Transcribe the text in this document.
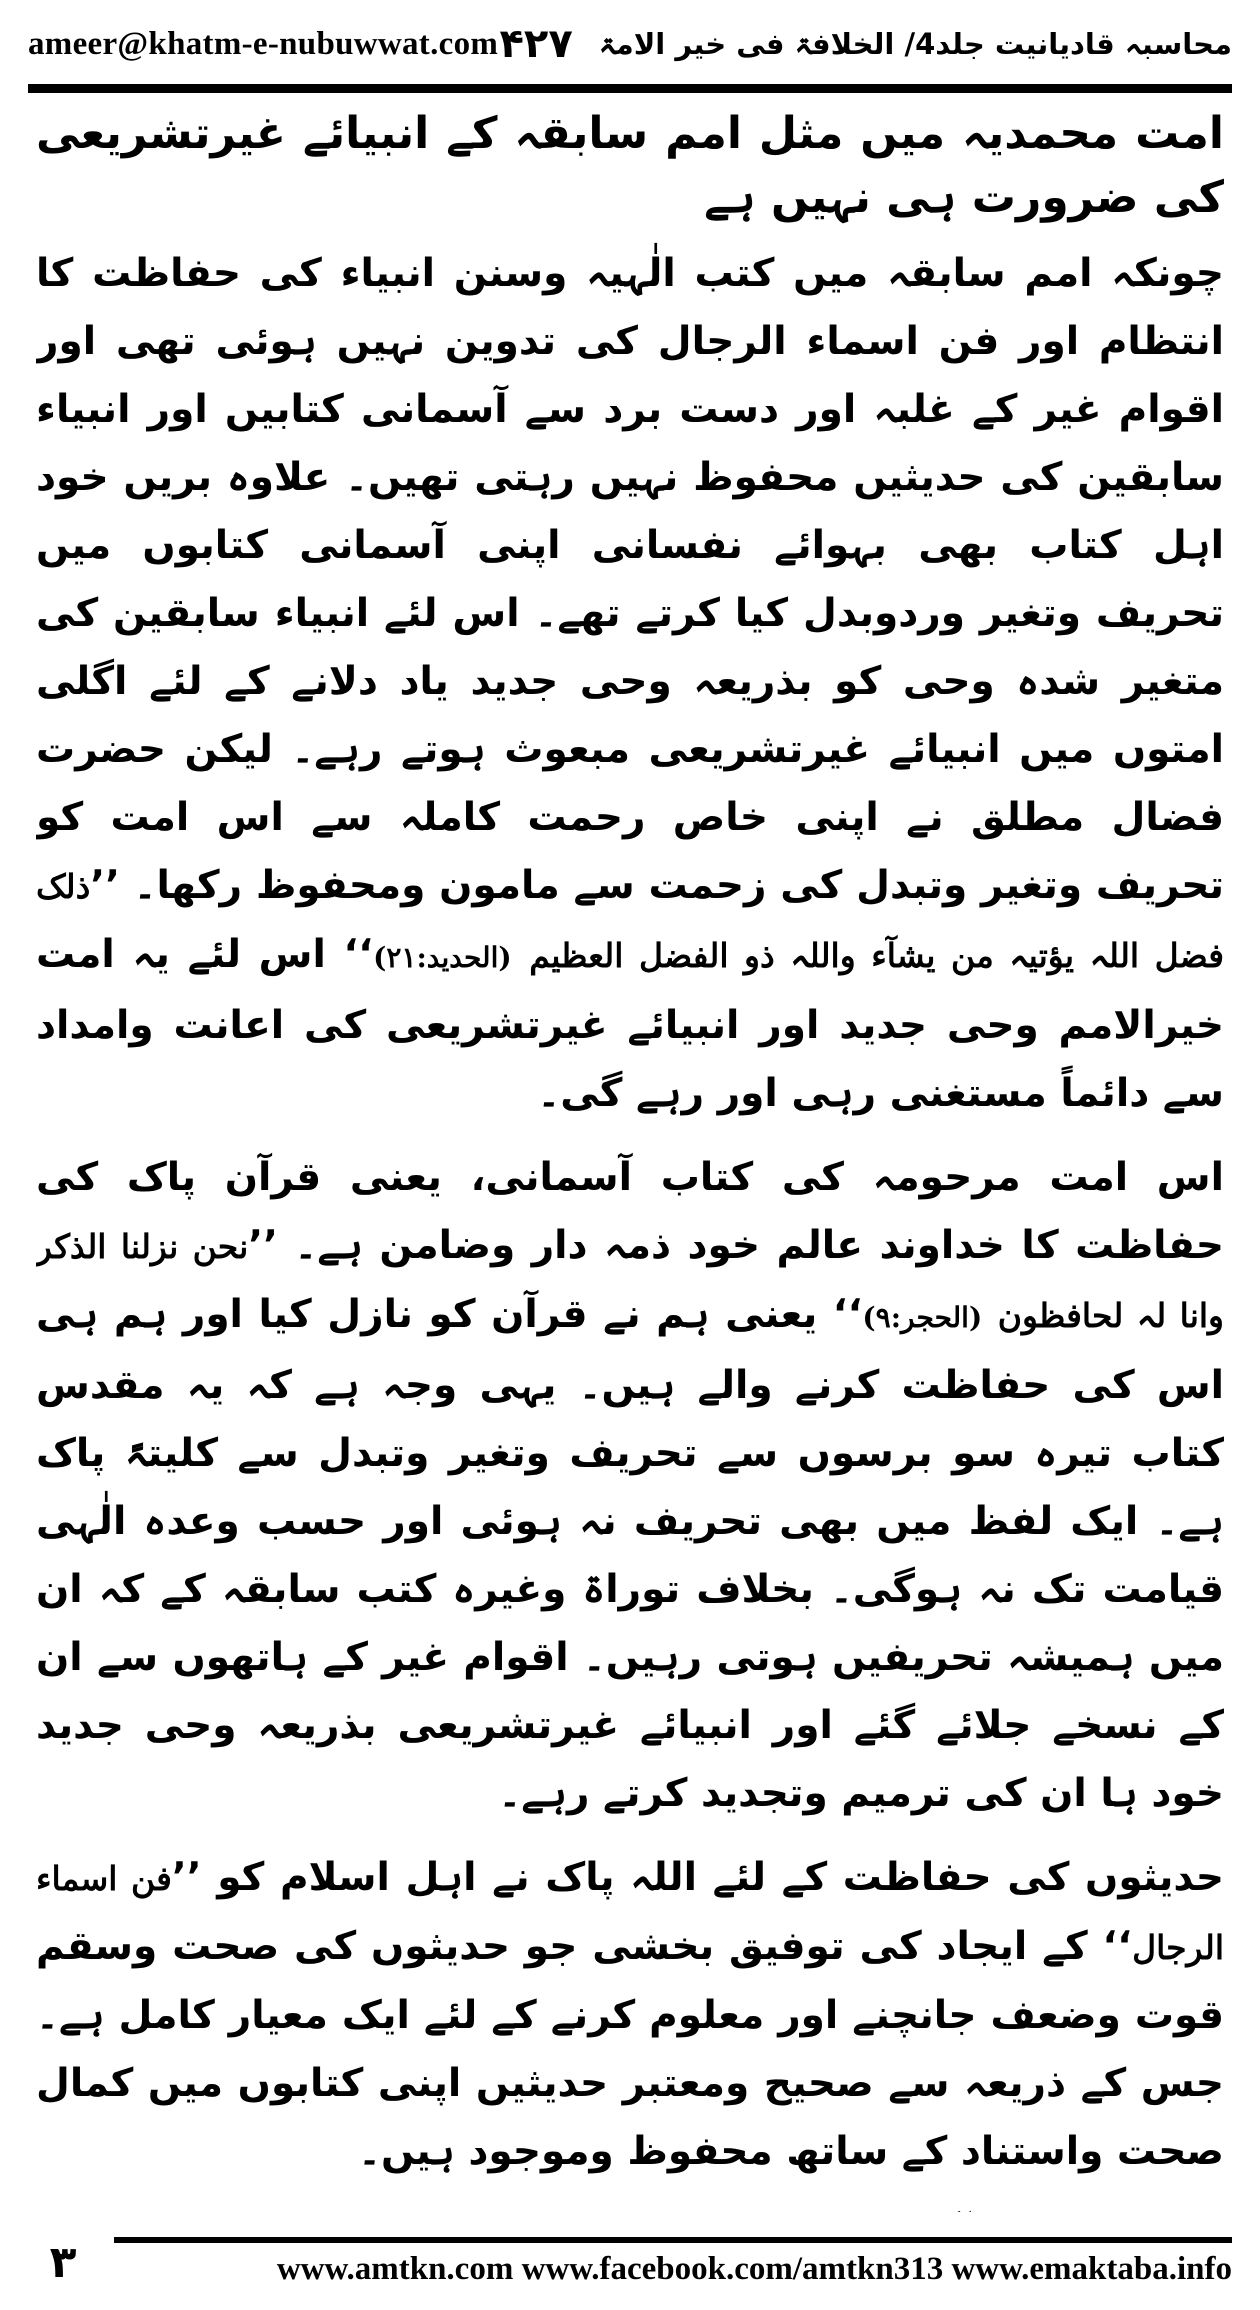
ameer@khatm-e-nubuwwat.com	محاسبہ قادیانیت جلد4/ الخلافۃ فی خیر الامۃ
۴۲۷
امت محمدیہ میں مثل امم سابقہ کے انبیائے غیرتشریعی کی ضرورت ہی نہیں ہے

چونکہ امم سابقہ میں کتب الٰہیہ وسنن انبیاء کی حفاظت کا انتظام اور فن اسماء الرجال کی تدوین نہیں ہوئی تھی اور اقوام غیر کے غلبہ اور دست برد سے آسمانی کتابیں اور انبیاء سابقین کی حدیثیں محفوظ نہیں رہتی تھیں۔ علاوہ بریں خود اہل کتاب بھی بہوائے نفسانی اپنی آسمانی کتابوں میں تحریف وتغیر وردوبدل کیا کرتے تھے۔ اس لئے انبیاء سابقین کی متغیر شدہ وحی کو بذریعہ وحی جدید یاد دلانے کے لئے اگلی امتوں میں انبیائے غیرتشریعی مبعوث ہوتے رہے۔ لیکن حضرت فضال مطلق نے اپنی خاص رحمت کاملہ سے اس امت کو تحریف وتغیر وتبدل کی زحمت سے مامون ومحفوظ رکھا۔ ’’ذلک فضل اللہ یؤتیہ من یشآء واللہ ذو الفضل العظیم (الحدید:۲۱)‘‘ اس لئے یہ امت خیرالامم وحی جدید اور انبیائے غیرتشریعی کی اعانت وامداد سے دائماً مستغنی رہی اور رہے گی۔

اس امت مرحومہ کی کتاب آسمانی، یعنی قرآن پاک کی حفاظت کا خداوند عالم خود ذمہ دار وضامن ہے۔ ’’نحن نزلنا الذکر وانا لہ لحافظون (الحجر:۹)‘‘ یعنی ہم نے قرآن کو نازل کیا اور ہم ہی اس کی حفاظت کرنے والے ہیں۔ یہی وجہ ہے کہ یہ مقدس کتاب تیرہ سو برسوں سے تحریف وتغیر وتبدل سے کلیتہً پاک ہے۔ ایک لفظ میں بھی تحریف نہ ہوئی اور حسب وعدہ الٰہی قیامت تک نہ ہوگی۔ بخلاف توراۃ وغیرہ کتب سابقہ کے کہ ان میں ہمیشہ تحریفیں ہوتی رہیں۔ اقوام غیر کے ہاتھوں سے ان کے نسخے جلائے گئے اور انبیائے غیرتشریعی بذریعہ وحی جدید خود ہا ان کی ترمیم وتجدید کرتے رہے۔

حدیثوں کی حفاظت کے لئے اللہ پاک نے اہل اسلام کو ’’فن اسماء الرجال‘‘ کے ایجاد کی توفیق بخشی جو حدیثوں کی صحت وسقم قوت وضعف جانچنے اور معلوم کرنے کے لئے ایک معیار کامل ہے۔ جس کے ذریعہ سے صحیح ومعتبر حدیثیں اپنی کتابوں میں کمال صحت واستناد کے ساتھ محفوظ وموجود ہیں۔

۳	www.amtkn.com www.facebook.com/amtkn313 www.emaktaba.info
